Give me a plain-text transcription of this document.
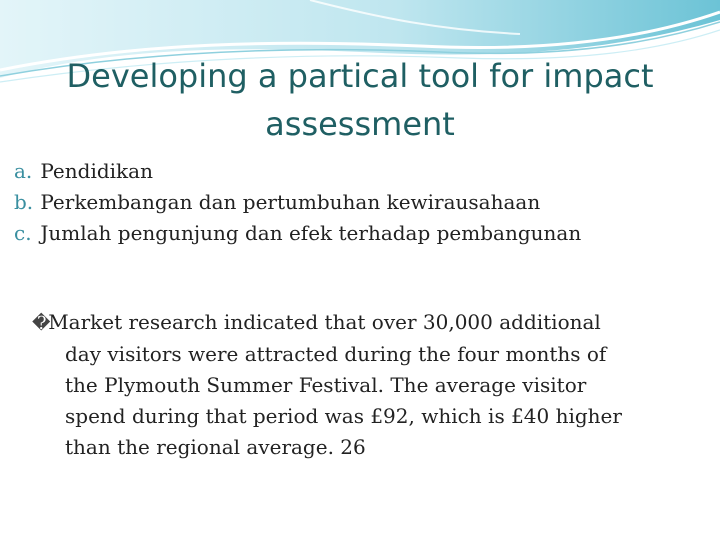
Developing a partical tool for impact
assessment
a. Pendidikan
b. Perkembangan dan pertumbuhan kewirausahaan
c. Jumlah pengunjung dan efek terhadap pembangunan
�Market research indicated that over 30,000 additional
day visitors were attracted during the four months of
the Plymouth Summer Festival. The average visitor
spend during that period was £92, which is £40 higher
than the regional average. 26
